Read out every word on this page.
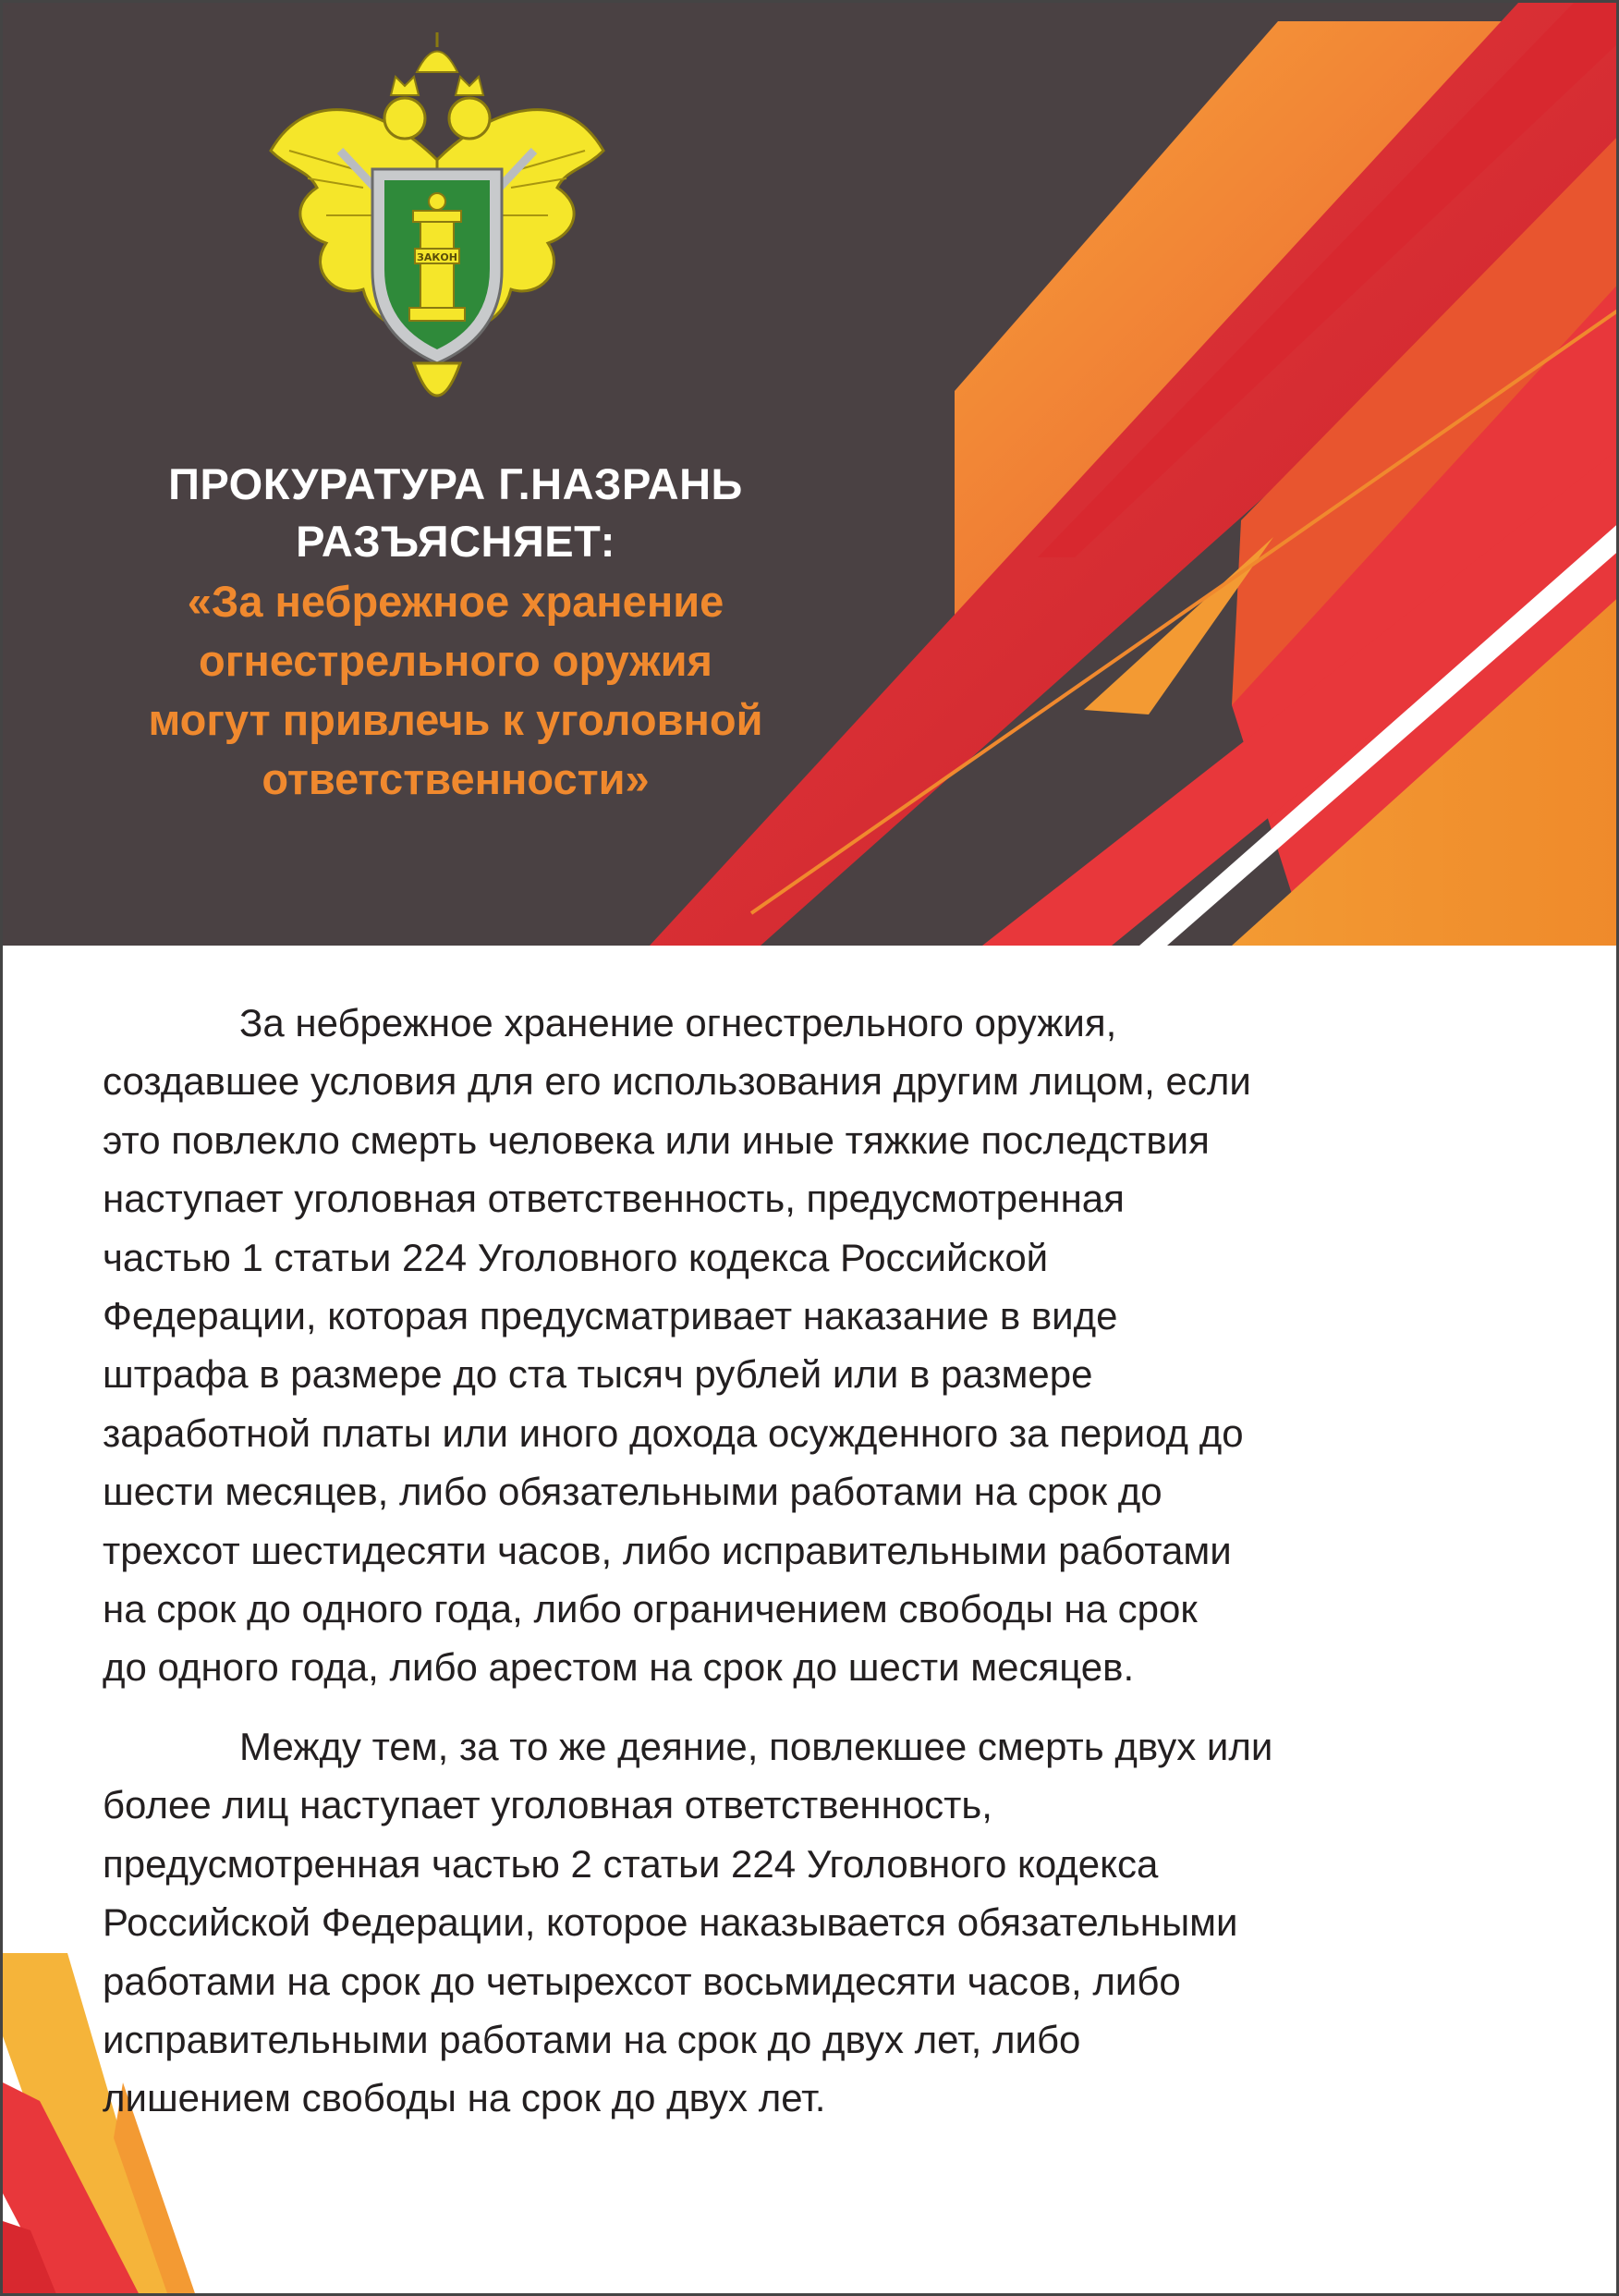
ЗАКОН
ПРОКУРАТУРА Г.НАЗРАНЬ
РАЗЪЯСНЯЕТ:
«За небрежное хранение
огнестрельного оружия
могут привлечь к уголовной
ответственности»

За небрежное хранение огнестрельного оружия,
создавшее условия для его использования другим лицом, если
это повлекло смерть человека или иные тяжкие последствия
наступает уголовная ответственность, предусмотренная
частью 1 статьи 224 Уголовного кодекса Российской
Федерации, которая предусматривает наказание в виде
штрафа в размере до ста тысяч рублей или в размере
заработной платы или иного дохода осужденного за период до
шести месяцев, либо обязательными работами на срок до
трехсот шестидесяти часов, либо исправительными работами
на срок до одного года, либо ограничением свободы на срок
до одного года, либо арестом на срок до шести месяцев.

Между тем, за то же деяние, повлекшее смерть двух или
более лиц наступает уголовная ответственность,
предусмотренная частью 2 статьи 224 Уголовного кодекса
Российской Федерации, которое наказывается обязательными
работами на срок до четырехсот восьмидесяти часов, либо
исправительными работами на срок до двух лет, либо
лишением свободы на срок до двух лет.
